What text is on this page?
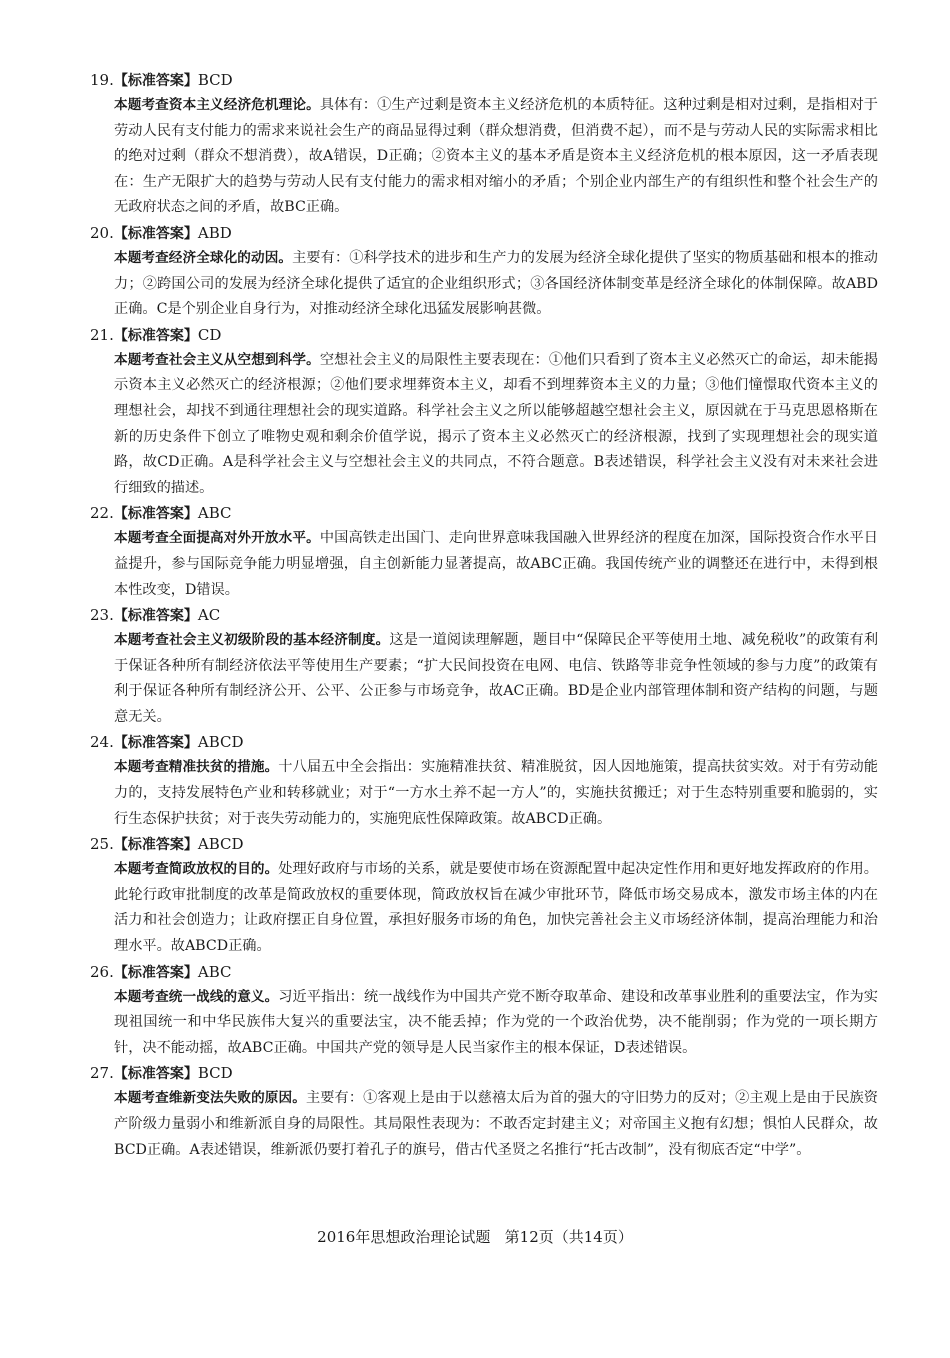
19.【标准答案】BCD

本题考查资本主义经济危机理论。具体有：①生产过剩是资本主义经济危机的本质特征。这种过剩是相对过剩，是指相对于劳动人民有支付能力的需求来说社会生产的商品显得过剩（群众想消费，但消费不起），而不是与劳动人民的实际需求相比的绝对过剩（群众不想消费），故A错误，D正确；②资本主义的基本矛盾是资本主义经济危机的根本原因，这一矛盾表现在：生产无限扩大的趋势与劳动人民有支付能力的需求相对缩小的矛盾；个别企业内部生产的有组织性和整个社会生产的无政府状态之间的矛盾，故BC正确。

20.【标准答案】ABD

本题考查经济全球化的动因。主要有：①科学技术的进步和生产力的发展为经济全球化提供了坚实的物质基础和根本的推动力；②跨国公司的发展为经济全球化提供了适宜的企业组织形式；③各国经济体制变革是经济全球化的体制保障。故ABD正确。C是个别企业自身行为，对推动经济全球化迅猛发展影响甚微。

21.【标准答案】CD

本题考查社会主义从空想到科学。空想社会主义的局限性主要表现在：①他们只看到了资本主义必然灭亡的命运，却未能揭示资本主义必然灭亡的经济根源；②他们要求埋葬资本主义，却看不到埋葬资本主义的力量；③他们憧憬取代资本主义的理想社会，却找不到通往理想社会的现实道路。科学社会主义之所以能够超越空想社会主义，原因就在于马克思恩格斯在新的历史条件下创立了唯物史观和剩余价值学说，揭示了资本主义必然灭亡的经济根源，找到了实现理想社会的现实道路，故CD正确。A是科学社会主义与空想社会主义的共同点，不符合题意。B表述错误，科学社会主义没有对未来社会进行细致的描述。

22.【标准答案】ABC

本题考查全面提高对外开放水平。中国高铁走出国门、走向世界意味我国融入世界经济的程度在加深，国际投资合作水平日益提升，参与国际竞争能力明显增强，自主创新能力显著提高，故ABC正确。我国传统产业的调整还在进行中，未得到根本性改变，D错误。

23.【标准答案】AC

本题考查社会主义初级阶段的基本经济制度。这是一道阅读理解题，题目中“保障民企平等使用土地、减免税收”的政策有利于保证各种所有制经济依法平等使用生产要素；“扩大民间投资在电网、电信、铁路等非竞争性领域的参与力度”的政策有利于保证各种所有制经济公开、公平、公正参与市场竞争，故AC正确。BD是企业内部管理体制和资产结构的问题，与题意无关。

24.【标准答案】ABCD

本题考查精准扶贫的措施。十八届五中全会指出：实施精准扶贫、精准脱贫，因人因地施策，提高扶贫实效。对于有劳动能力的，支持发展特色产业和转移就业；对于“一方水土养不起一方人”的，实施扶贫搬迁；对于生态特别重要和脆弱的，实行生态保护扶贫；对于丧失劳动能力的，实施兜底性保障政策。故ABCD正确。

25.【标准答案】ABCD

本题考查简政放权的目的。处理好政府与市场的关系，就是要使市场在资源配置中起决定性作用和更好地发挥政府的作用。此轮行政审批制度的改革是简政放权的重要体现，简政放权旨在减少审批环节，降低市场交易成本，激发市场主体的内在活力和社会创造力；让政府摆正自身位置，承担好服务市场的角色，加快完善社会主义市场经济体制，提高治理能力和治理水平。故ABCD正确。

26.【标准答案】ABC

本题考查统一战线的意义。习近平指出：统一战线作为中国共产党不断夺取革命、建设和改革事业胜利的重要法宝，作为实现祖国统一和中华民族伟大复兴的重要法宝，决不能丢掉；作为党的一个政治优势，决不能削弱；作为党的一项长期方针，决不能动摇，故ABC正确。中国共产党的领导是人民当家作主的根本保证，D表述错误。

27.【标准答案】BCD

本题考查维新变法失败的原因。主要有：①客观上是由于以慈禧太后为首的强大的守旧势力的反对；②主观上是由于民族资产阶级力量弱小和维新派自身的局限性。其局限性表现为：不敢否定封建主义；对帝国主义抱有幻想；惧怕人民群众，故BCD正确。A表述错误，维新派仍要打着孔子的旗号，借古代圣贤之名推行“托古改制”，没有彻底否定“中学”。

2016年思想政治理论试题 第12页（共14页）
